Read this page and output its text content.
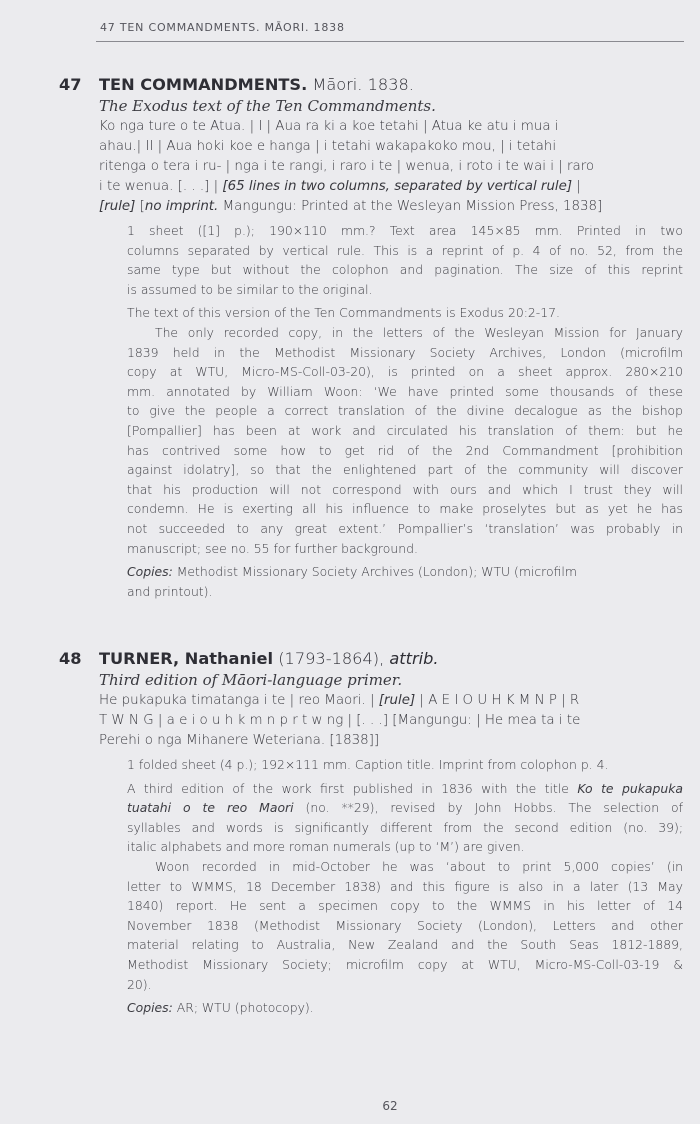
47 TEN COMMANDMENTS. MĀORI. 1838
47 TEN COMMANDMENTS. Māori. 1838.
The Exodus text of the Ten Commandments.
Ko nga ture o te Atua. | I | Aua ra ki a koe tetahi | Atua ke atu i mua i
ahau.| II | Aua hoki koe e hanga | i tetahi wakapakoko mou, | i tetahi
ritenga o tera i ru- | nga i te rangi, i raro i te | wenua, i roto i te wai i | raro
i te wenua. [. . .] | [65 lines in two columns, separated by vertical rule] |
[rule] [no imprint. Mangungu: Printed at the Wesleyan Mission Press, 1838]
1 sheet ([1] p.); 190×110 mm.? Text area 145×85 mm. Printed in two
columns separated by vertical rule. This is a reprint of p. 4 of no. 52, from the
same type but without the colophon and pagination. The size of this reprint
is assumed to be similar to the original.
The text of this version of the Ten Commandments is Exodus 20:2-17.
The only recorded copy, in the letters of the Wesleyan Mission for January
1839 held in the Methodist Missionary Society Archives, London (microfilm
copy at WTU, Micro-MS-Coll-03-20), is printed on a sheet approx. 280×210
mm. annotated by William Woon: ‘We have printed some thousands of these
to give the people a correct translation of the divine decalogue as the bishop
[Pompallier] has been at work and circulated his translation of them: but he
has contrived some how to get rid of the 2nd Commandment [prohibition
against idolatry], so that the enlightened part of the community will discover
that his production will not correspond with ours and which I trust they will
condemn. He is exerting all his influence to make proselytes but as yet he has
not succeeded to any great extent.’ Pompallier’s ‘translation’ was probably in
manuscript; see no. 55 for further background.
Copies: Methodist Missionary Society Archives (London); WTU (microfilm
and printout).
48 TURNER, Nathaniel (1793-1864), attrib.
Third edition of Māori-language primer.
He pukapuka timatanga i te | reo Maori. | [rule] | A E I O U H K M N P | R
T W N G | a e i o u h k m n p r t w ng | [. . .] [Mangungu: | He mea ta i te
Perehi o nga Mihanere Weteriana. [1838]]
1 folded sheet (4 p.); 192×111 mm. Caption title. Imprint from colophon p. 4.
A third edition of the work first published in 1836 with the title Ko te pukapuka
tuatahi o te reo Maori (no. **29), revised by John Hobbs. The selection of
syllables and words is significantly different from the second edition (no. 39);
italic alphabets and more roman numerals (up to ‘M’) are given.
Woon recorded in mid-October he was ‘about to print 5,000 copies’ (in
letter to WMMS, 18 December 1838) and this figure is also in a later (13 May
1840) report. He sent a specimen copy to the WMMS in his letter of 14
November 1838 (Methodist Missionary Society (London), Letters and other
material relating to Australia, New Zealand and the South Seas 1812-1889,
Methodist Missionary Society; microfilm copy at WTU, Micro-MS-Coll-03-19 &
20).
Copies: AR; WTU (photocopy).
62
